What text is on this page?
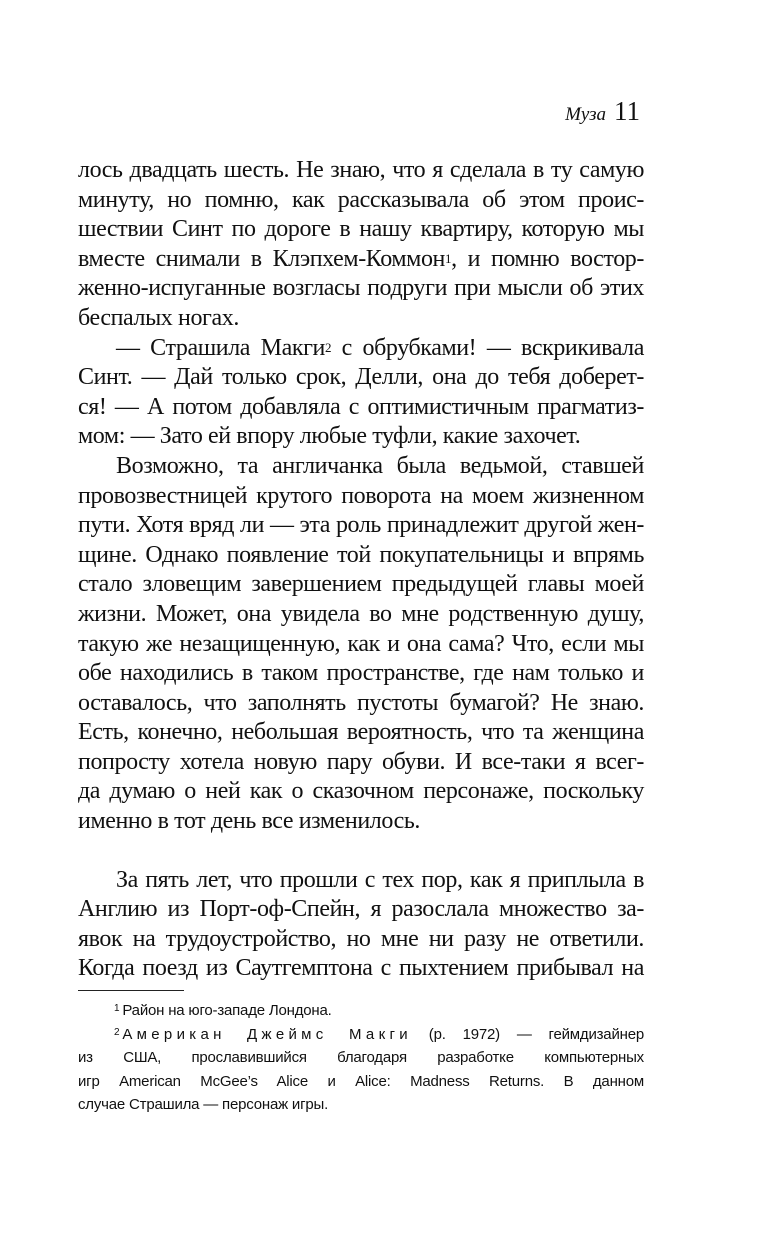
Муза 11
лось двадцать шесть. Не знаю, что я сделала в ту самую
минуту, но помню, как рассказывала об этом проис-
шествии Синт по дороге в нашу квартиру, которую мы
вместе снимали в Клэпхем-Коммон$^1$, и помню востор-
женно-испуганные возгласы подруги при мысли об этих
беспалых ногах.
— Страшила Макги$^2$ с обрубками! — вскрикивала
Синт. — Дай только срок, Делли, она до тебя доберет-
ся! — А потом добавляла с оптимистичным прагматиз-
мом: — Зато ей впору любые туфли, какие захочет.
Возможно, та англичанка была ведьмой, ставшей
провозвестницей крутого поворота на моем жизненном
пути. Хотя вряд ли — эта роль принадлежит другой жен-
щине. Однако появление той покупательницы и впрямь
стало зловещим завершением предыдущей главы моей
жизни. Может, она увидела во мне родственную душу,
такую же незащищенную, как и она сама? Что, если мы
обе находились в таком пространстве, где нам только и
оставалось, что заполнять пустоты бумагой? Не знаю.
Есть, конечно, небольшая вероятность, что та женщина
попросту хотела новую пару обуви. И все-таки я всег-
да думаю о ней как о сказочном персонаже, поскольку
именно в тот день все изменилось.
За пять лет, что прошли с тех пор, как я приплыла в
Англию из Порт-оф-Спейн, я разослала множество за-
явок на трудоустройство, но мне ни разу не ответили.
Когда поезд из Саутгемптона с пыхтением прибывал на
$^1$ Район на юго-западе Лондона.
$^2$ Американ Джеймс Макги (р. 1972) — геймдизайнер
из США, прославившийся благодаря разработке компьютерных
игр American McGee’s Alice и Alice: Madness Returns. В данном
случае Страшила — персонаж игры.
